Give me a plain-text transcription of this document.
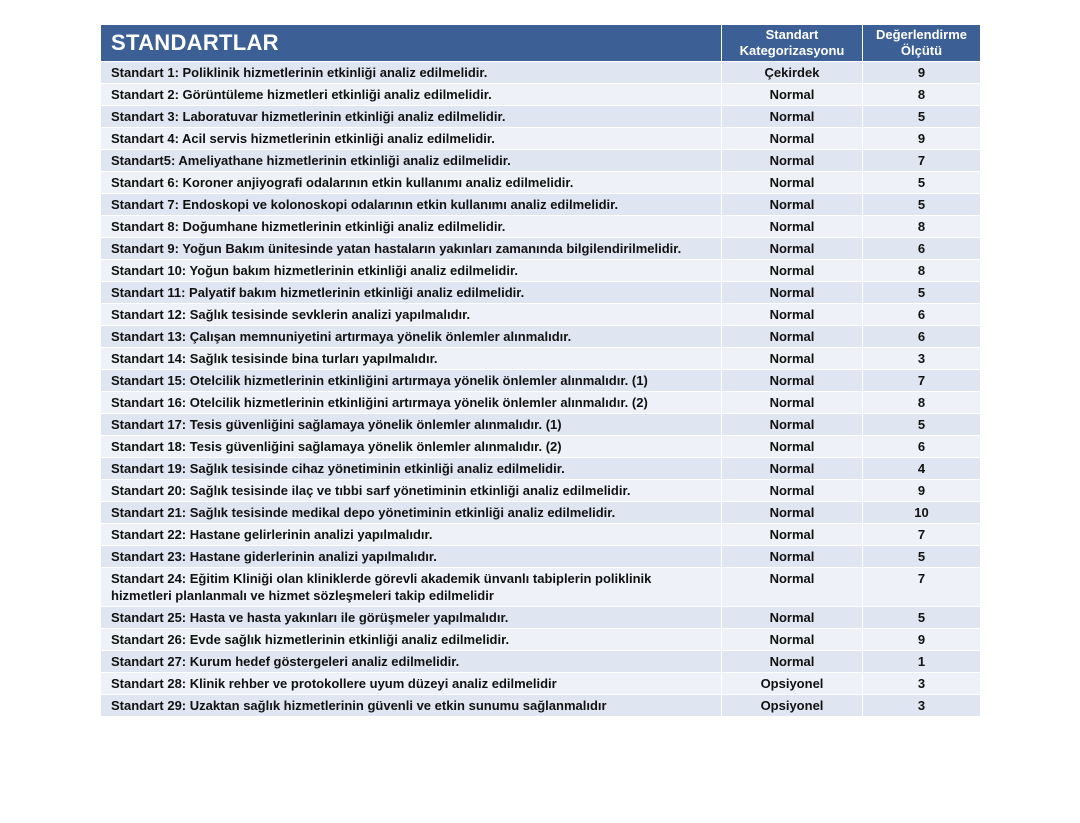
STANDARTLAR	Standart Kategorizasyonu	Değerlendirme Ölçütü
Standart 1: Poliklinik hizmetlerinin etkinliği analiz edilmelidir.	Çekirdek	9
Standart 2: Görüntüleme hizmetleri etkinliği analiz edilmelidir.	Normal	8
Standart 3: Laboratuvar hizmetlerinin etkinliği analiz edilmelidir.	Normal	5
Standart 4: Acil servis hizmetlerinin etkinliği analiz edilmelidir.	Normal	9
Standart5: Ameliyathane hizmetlerinin etkinliği analiz edilmelidir.	Normal	7
Standart 6: Koroner anjiyografi odalarının etkin kullanımı analiz edilmelidir.	Normal	5
Standart 7: Endoskopi ve kolonoskopi odalarının etkin kullanımı analiz edilmelidir.	Normal	5
Standart 8: Doğumhane hizmetlerinin etkinliği analiz edilmelidir.	Normal	8
Standart 9: Yoğun Bakım ünitesinde yatan hastaların yakınları zamanında bilgilendirilmelidir.	Normal	6
Standart 10: Yoğun bakım hizmetlerinin etkinliği analiz edilmelidir.	Normal	8
Standart 11: Palyatif bakım hizmetlerinin etkinliği analiz edilmelidir.	Normal	5
Standart 12: Sağlık tesisinde sevklerin analizi yapılmalıdır.	Normal	6
Standart 13: Çalışan memnuniyetini artırmaya yönelik önlemler alınmalıdır.	Normal	6
Standart 14: Sağlık tesisinde bina turları yapılmalıdır.	Normal	3
Standart 15: Otelcilik hizmetlerinin etkinliğini artırmaya yönelik önlemler alınmalıdır. (1)	Normal	7
Standart 16: Otelcilik hizmetlerinin etkinliğini artırmaya yönelik önlemler alınmalıdır. (2)	Normal	8
Standart 17: Tesis güvenliğini sağlamaya yönelik önlemler alınmalıdır. (1)	Normal	5
Standart 18: Tesis güvenliğini sağlamaya yönelik önlemler alınmalıdır. (2)	Normal	6
Standart 19: Sağlık tesisinde cihaz yönetiminin etkinliği analiz edilmelidir.	Normal	4
Standart 20: Sağlık tesisinde ilaç ve tıbbi sarf yönetiminin etkinliği analiz edilmelidir.	Normal	9
Standart 21: Sağlık tesisinde medikal depo yönetiminin etkinliği analiz edilmelidir.	Normal	10
Standart 22: Hastane gelirlerinin analizi yapılmalıdır.	Normal	7
Standart 23: Hastane giderlerinin analizi yapılmalıdır.	Normal	5
Standart 24: Eğitim Kliniği olan kliniklerde görevli akademik ünvanlı tabiplerin poliklinik hizmetleri planlanmalı ve hizmet sözleşmeleri takip edilmelidir	Normal	7
Standart 25: Hasta ve hasta yakınları ile görüşmeler yapılmalıdır.	Normal	5
Standart 26: Evde sağlık hizmetlerinin etkinliği analiz edilmelidir.	Normal	9
Standart 27: Kurum hedef göstergeleri analiz edilmelidir.	Normal	1
Standart 28: Klinik rehber ve protokollere uyum düzeyi analiz edilmelidir	Opsiyonel	3
Standart 29: Uzaktan sağlık hizmetlerinin güvenli ve etkin sunumu sağlanmalıdır	Opsiyonel	3
